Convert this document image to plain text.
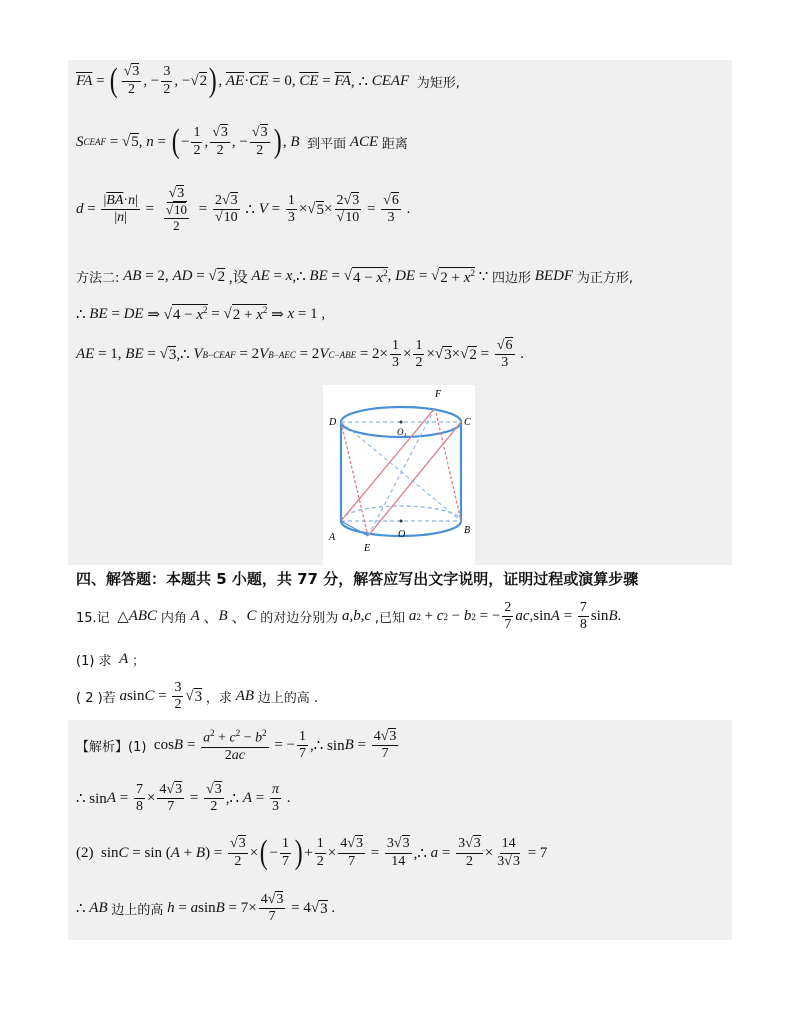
$\overline{FA}$ = ( $\frac{√3}{2}$ , − $\frac{3}{2}$ , −√ 2 ) , $\overline{AE} \cdot \overline{CE} = 0$, $\overline{CE} = \overline{FA}$ , ∴ CEAF
为矩形,
S CEAF = √ 5 , n = ( − $\frac{1}{2}$ , $\frac{√3}{2}$ , − $\frac{√3}{2}$ ) , B
到平面
ACE
距离
$d = \frac{|\overline{BA}\cdot n|}{|n|} = \frac{√3}{\frac{√10}{2}} = \frac{2√3}{√10}$ ∴ $V = \frac{1}{3}$ ×√ $5 \times \frac{2√3}{√10} = \frac{√6}{3}$ .
方法二:
AB = 2, AD = √ 2 ,设 AE = x ,∴ BE = √ $4 - x^2$ , DE = √ $2 + x^2$ ∵ 四边形
BEDF
为正方形,
∴ BE = DE ⇒ √ $4 - x^2$ = √ $2 + x^2$ ⇒ x = 1 ,
AE = 1, BE = √ 3 ,∴ V B−CEAF = 2 V B−AEC = 2 V $C-ABE = 2\times \frac{1}{3} \times \frac{1}{2}$ ×√ 3 ×√ $2 = \frac{√6}{3}$ .
D	C
F
O₁
A
B
E
O
四、解答题：本题共 5 小题，共 77 分，解答应写出文字说明，证明过程或演算步骤
15.记 △ ABC
内角
A 、 B 、 C
的对边分别为
a , b , c
,已知
a 2 + c 2 − b 2 = − $\frac{2}{7}$ ac ,sin $A = \frac{7}{8}$ sin B .
(1) 求
A
；
( 2 )若
a $\sin C = \frac{3}{2}$ √ 3
，求
AB
边上的高 .
【解析】(1) $\cos B = \frac{a^2 + c^2 - b^2}{2ac}$ = − $\frac{1}{7}$ ,∴ $\sin B = \frac{4√3}{7}$
∴ $\sin A = \frac{7}{8} \times \frac{4√3}{7} = \frac{√3}{2}$ ,∴ $A = \frac{\pi}{3}$ .
(2) sin C = sin ( A + B ) = $\frac{√3}{2}$ × ( − $\frac{1}{7}$ ) + $\frac{1}{2} \times \frac{4√3}{7} = \frac{3√3}{14}$ ,∴ $a = \frac{3√3}{2} \times \frac{14}{3√3} = 7$
∴
AB
边上的高
h = a $\sin B = 7\times \frac{4√3}{7} = 4√$ 3 .
